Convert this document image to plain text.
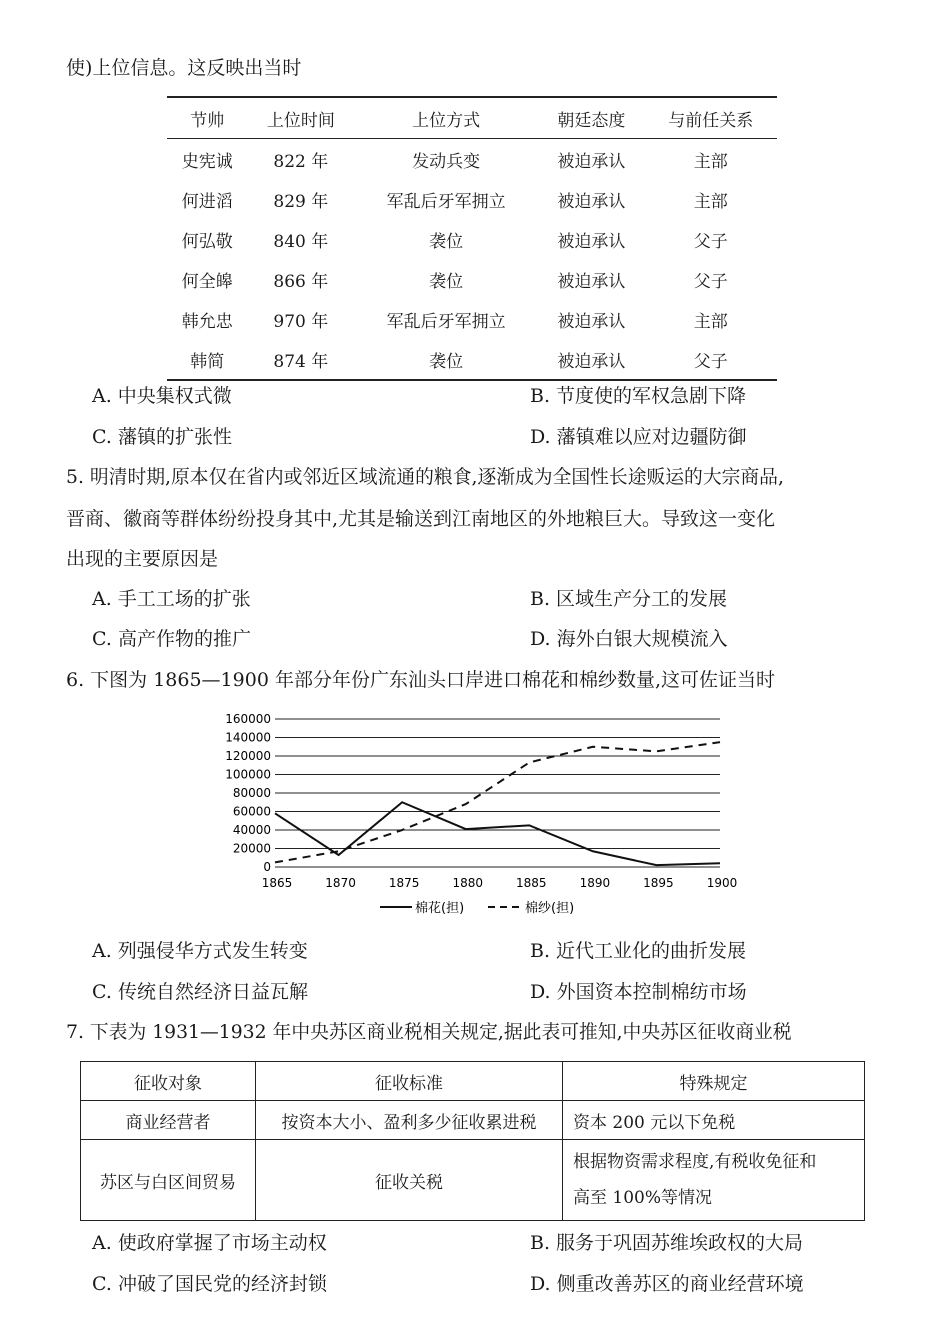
使)上位信息。这反映出当时
节帅	上位时间	上位方式	朝廷态度	与前任关系
史宪诚	822 年	发动兵变	被迫承认	主部
何进滔	829 年	军乱后牙军拥立	被迫承认	主部
何弘敬	840 年	袭位	被迫承认	父子
何全皞	866 年	袭位	被迫承认	父子
韩允忠	970 年	军乱后牙军拥立	被迫承认	主部
韩简	874 年	袭位	被迫承认	父子
A. 中央集权式微	B. 节度使的军权急剧下降
C. 藩镇的扩张性	D. 藩镇难以应对边疆防御
5. 明清时期,原本仅在省内或邻近区域流通的粮食,逐渐成为全国性长途贩运的大宗商品,
晋商、徽商等群体纷纷投身其中,尤其是输送到江南地区的外地粮巨大。导致这一变化
出现的主要原因是
A. 手工工场的扩张	B. 区域生产分工的发展
C. 高产作物的推广	D. 海外白银大规模流入
6. 下图为 1865—1900 年部分年份广东汕头口岸进口棉花和棉纱数量,这可佐证当时
0
20000
40000
60000
80000
100000
120000
140000
160000
1865	1870	1875	1880	1885	1890	1895	1900
棉花(担)	棉纱(担)
A. 列强侵华方式发生转变	B. 近代工业化的曲折发展
C. 传统自然经济日益瓦解	D. 外国资本控制棉纺市场
7. 下表为 1931—1932 年中央苏区商业税相关规定,据此表可推知,中央苏区征收商业税
征收对象	征收标准	特殊规定
商业经营者	按资本大小、盈利多少征收累进税	资本 200 元以下免税
苏区与白区间贸易	征收关税	根据物资需求程度,有税收免征和
高至 100%等情况
A. 使政府掌握了市场主动权	B. 服务于巩固苏维埃政权的大局
C. 冲破了国民党的经济封锁	D. 侧重改善苏区的商业经营环境
